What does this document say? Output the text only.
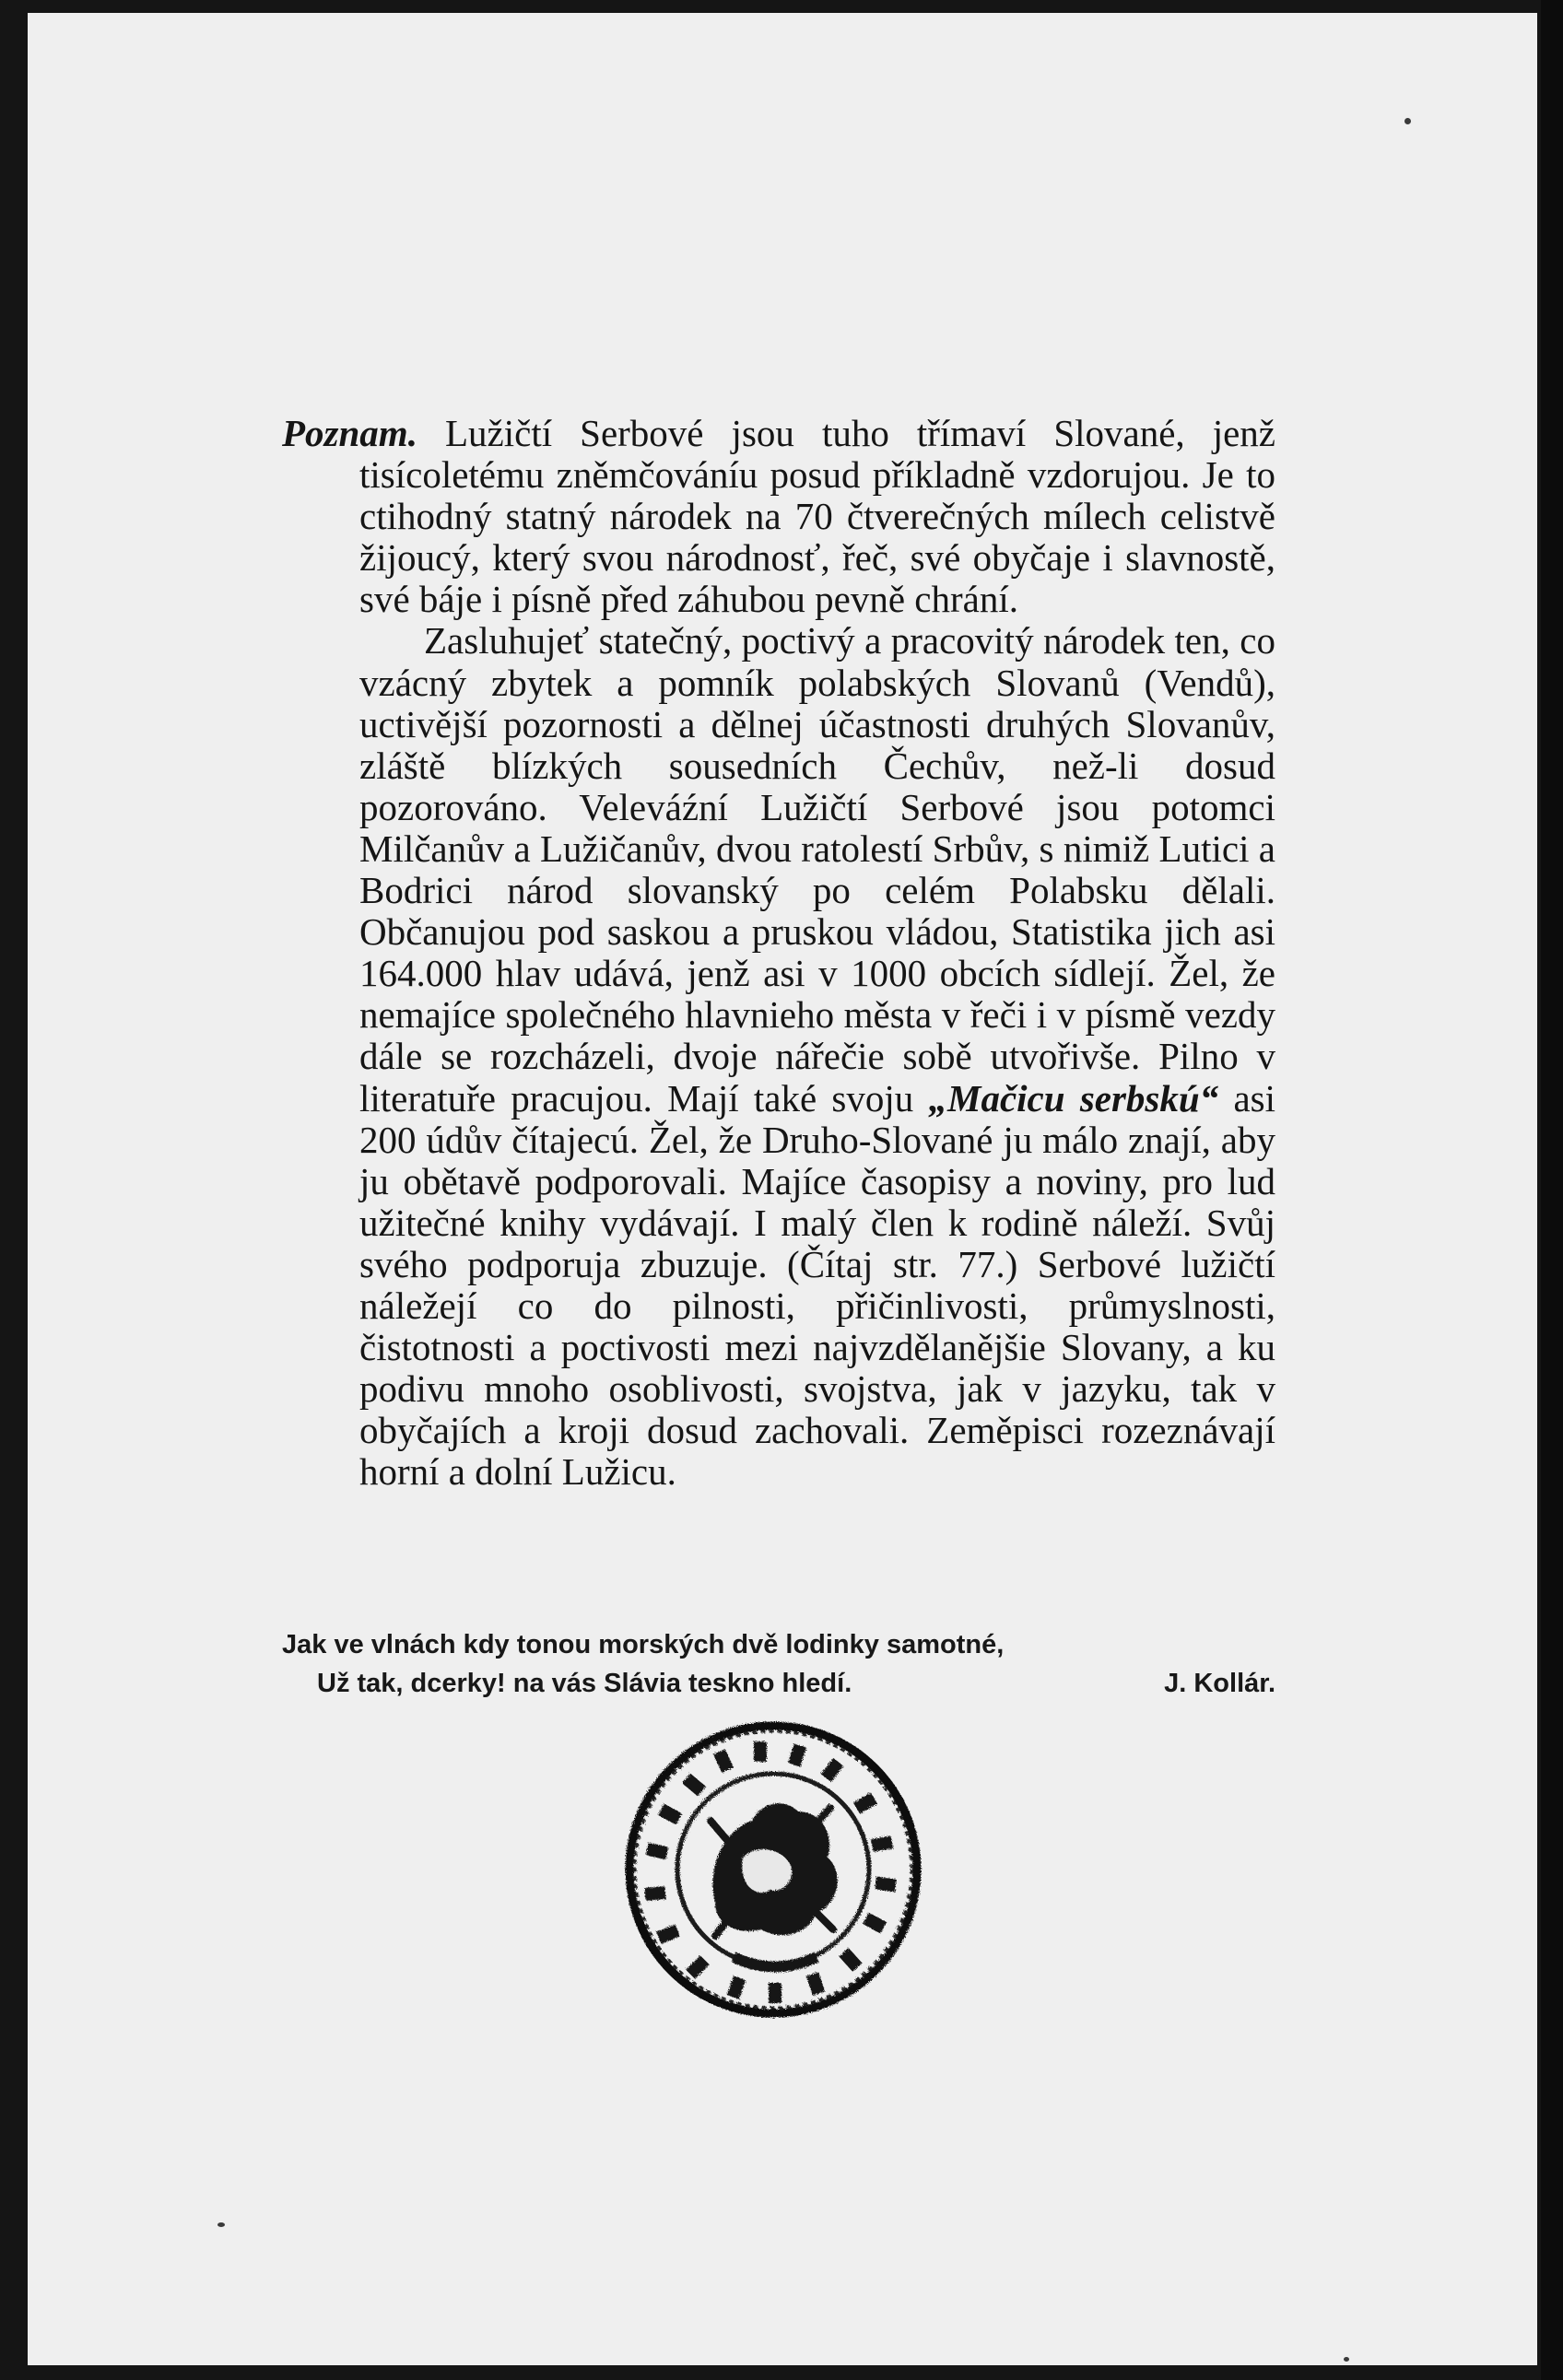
Poznam. Lužičtí Serbové jsou tuho třímaví Slované, jenž tisícoletému zněmčováníu posud příkladně vzdorujou. Je to ctihodný statný národek na 70 čtverečných mílech celistvě žijoucý, který svou národnosť, řeč, své obyčaje i slavnostě, své báje i písně před záhubou pevně chrání.

Zasluhujeť statečný, poctivý a pracovitý národek ten, co vzácný zbytek a pomník polabských Slovanů (Vendů), uctivější pozornosti a dělnej účastnosti druhých Slovanův, zláště blízkých sousedních Čechův, než-li dosud pozorováno. Veleváźní Lužičtí Serbové jsou potomci Milčanův a Lužičanův, dvou ratolestí Srbův, s nimiž Lutici a Bodrici národ slovanský po celém Polabsku dělali. Občanujou pod saskou a pruskou vládou, Statistika jich asi 164.000 hlav udává, jenž asi v 1000 obcích sídlejí. Žel, že nemajíce společného hlavnieho města v řeči i v písmě vezdy dále se rozcházeli, dvoje nářečie sobě utvořivše. Pilno v literatuře pracujou. Mají také svoju „Mačicu serbskú“ asi 200 údův čítajecú. Žel, že Druho-Slované ju málo znají, aby ju obětavě podporovali. Majíce časopisy a noviny, pro lud užitečné knihy vydávají. I malý člen k rodině náleží. Svůj svého podporuja zbuzuje. (Čítaj str. 77.) Serbové lužičtí náležejí co do pilnosti, přičinlivosti, průmyslnosti, čistotnosti a poctivosti mezi najvzdělanějšie Slovany, a ku podivu mnoho osoblivosti, svojstva, jak v jazyku, tak v obyčajích a kroji dosud zachovali. Zeměpisci rozeznávají horní a dolní Lužicu.

Jak ve vlnách kdy tonou morských dvě lodinky samotné,
Už tak, dcerky! na vás Slávia teskno hledí.	J. Kollár.
